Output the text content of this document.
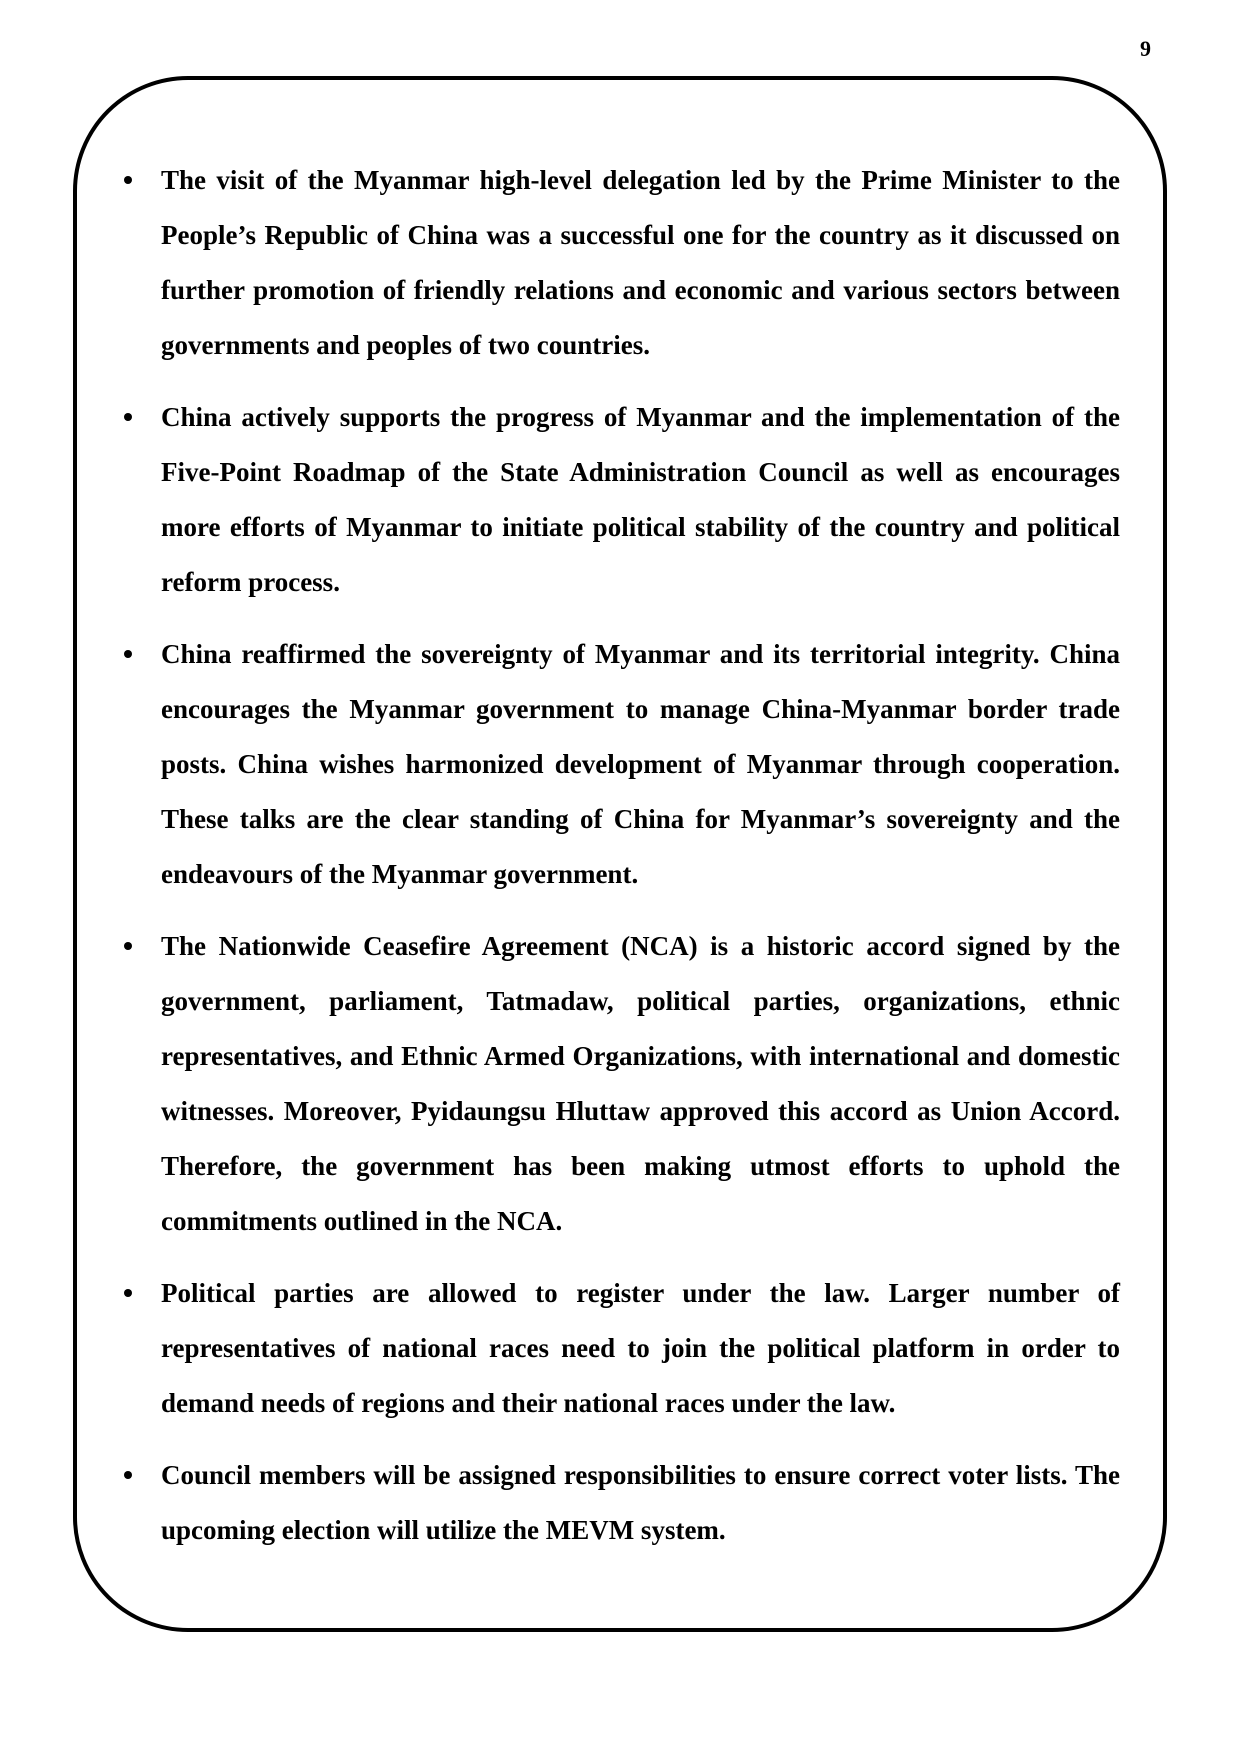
9
The visit of the Myanmar high-level delegation led by the Prime Minister to the People’s Republic of China was a successful one for the country as it discussed on further promotion of friendly relations and economic and various sectors between governments and peoples of two countries.
China actively supports the progress of Myanmar and the implementation of the Five-Point Roadmap of the State Administration Council as well as encourages more efforts of Myanmar to initiate political stability of the country and political reform process.
China reaffirmed the sovereignty of Myanmar and its territorial integrity. China encourages the Myanmar government to manage China-Myanmar border trade posts. China wishes harmonized development of Myanmar through cooperation. These talks are the clear standing of China for Myanmar’s sovereignty and the endeavours of the Myanmar government.
The Nationwide Ceasefire Agreement (NCA) is a historic accord signed by the government, parliament, Tatmadaw, political parties, organizations, ethnic representatives, and Ethnic Armed Organizations, with international and domestic witnesses. Moreover, Pyidaungsu Hluttaw approved this accord as Union Accord. Therefore, the government has been making utmost efforts to uphold the commitments outlined in the NCA.
Political parties are allowed to register under the law. Larger number of representatives of national races need to join the political platform in order to demand needs of regions and their national races under the law.
Council members will be assigned responsibilities to ensure correct voter lists. The upcoming election will utilize the MEVM system.
